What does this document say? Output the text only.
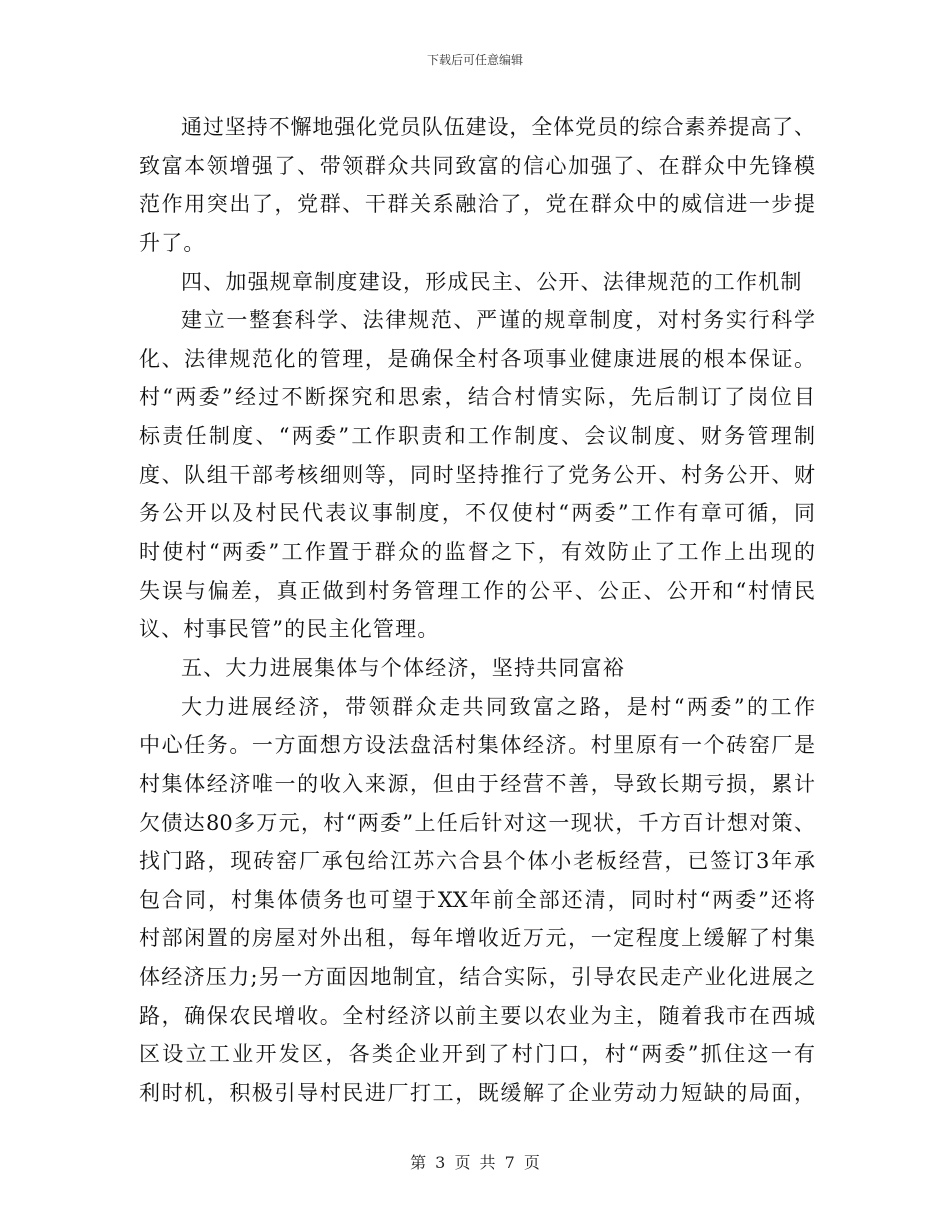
下载后可任意编辑
通过坚持不懈地强化党员队伍建设，全体党员的综合素养提高了、
致富本领增强了、带领群众共同致富的信心加强了、在群众中先锋模
范作用突出了，党群、干群关系融洽了，党在群众中的威信进一步提
升了。
四、加强规章制度建设，形成民主、公开、法律规范的工作机制
建立一整套科学、法律规范、严谨的规章制度，对村务实行科学
化、法律规范化的管理，是确保全村各项事业健康进展的根本保证。
村“两委”经过不断探究和思索，结合村情实际，先后制订了岗位目
标责任制度、“两委”工作职责和工作制度、会议制度、财务管理制
度、队组干部考核细则等，同时坚持推行了党务公开、村务公开、财
务公开以及村民代表议事制度，不仅使村“两委”工作有章可循，同
时使村“两委”工作置于群众的监督之下，有效防止了工作上出现的
失误与偏差，真正做到村务管理工作的公平、公正、公开和“村情民
议、村事民管”的民主化管理。
五、大力进展集体与个体经济，坚持共同富裕
大力进展经济，带领群众走共同致富之路，是村“两委”的工作
中心任务。一方面想方设法盘活村集体经济。村里原有一个砖窑厂是
村集体经济唯一的收入来源，但由于经营不善，导致长期亏损，累计
欠债达80多万元，村“两委”上任后针对这一现状，千方百计想对策、
找门路，现砖窑厂承包给江苏六合县个体小老板经营，已签订3年承
包合同，村集体债务也可望于XX年前全部还清，同时村“两委”还将
村部闲置的房屋对外出租，每年增收近万元，一定程度上缓解了村集
体经济压力;另一方面因地制宜，结合实际，引导农民走产业化进展之
路，确保农民增收。全村经济以前主要以农业为主，随着我市在西城
区设立工业开发区，各类企业开到了村门口，村“两委”抓住这一有
利时机，积极引导村民进厂打工，既缓解了企业劳动力短缺的局面，
第 3 页 共 7 页
